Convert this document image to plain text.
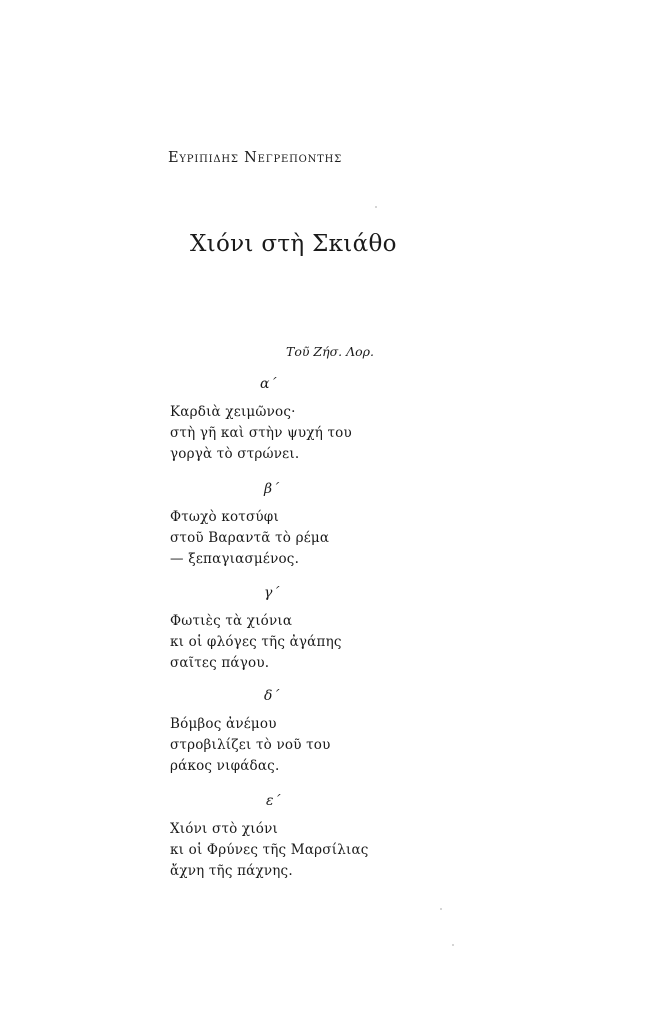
Ευριπιδης Νεγρεποντης
Χιόνι στὴ Σκιάθο
Τοῦ Ζήσ. Λορ.
α΄
Καρδιὰ χειμῶνος·
στὴ γῆ καὶ στὴν ψυχή του
γοργὰ τὸ στρώνει.
β΄
Φτωχὸ κοτσύφι
στοῦ Βαραντᾶ τὸ ρέμα
— ξεπαγιασμένος.
γ΄
Φωτιὲς τὰ χιόνια
κι οἱ φλόγες τῆς ἀγάπης
σαῖτες πάγου.
δ΄
Βόμβος ἀνέμου
στροβιλίζει τὸ νοῦ του
ράκος νιφάδας.
ε΄
Χιόνι στὸ χιόνι
κι οἱ Φρύνες τῆς Μαρσίλιας
ἄχνη τῆς πάχνης.
